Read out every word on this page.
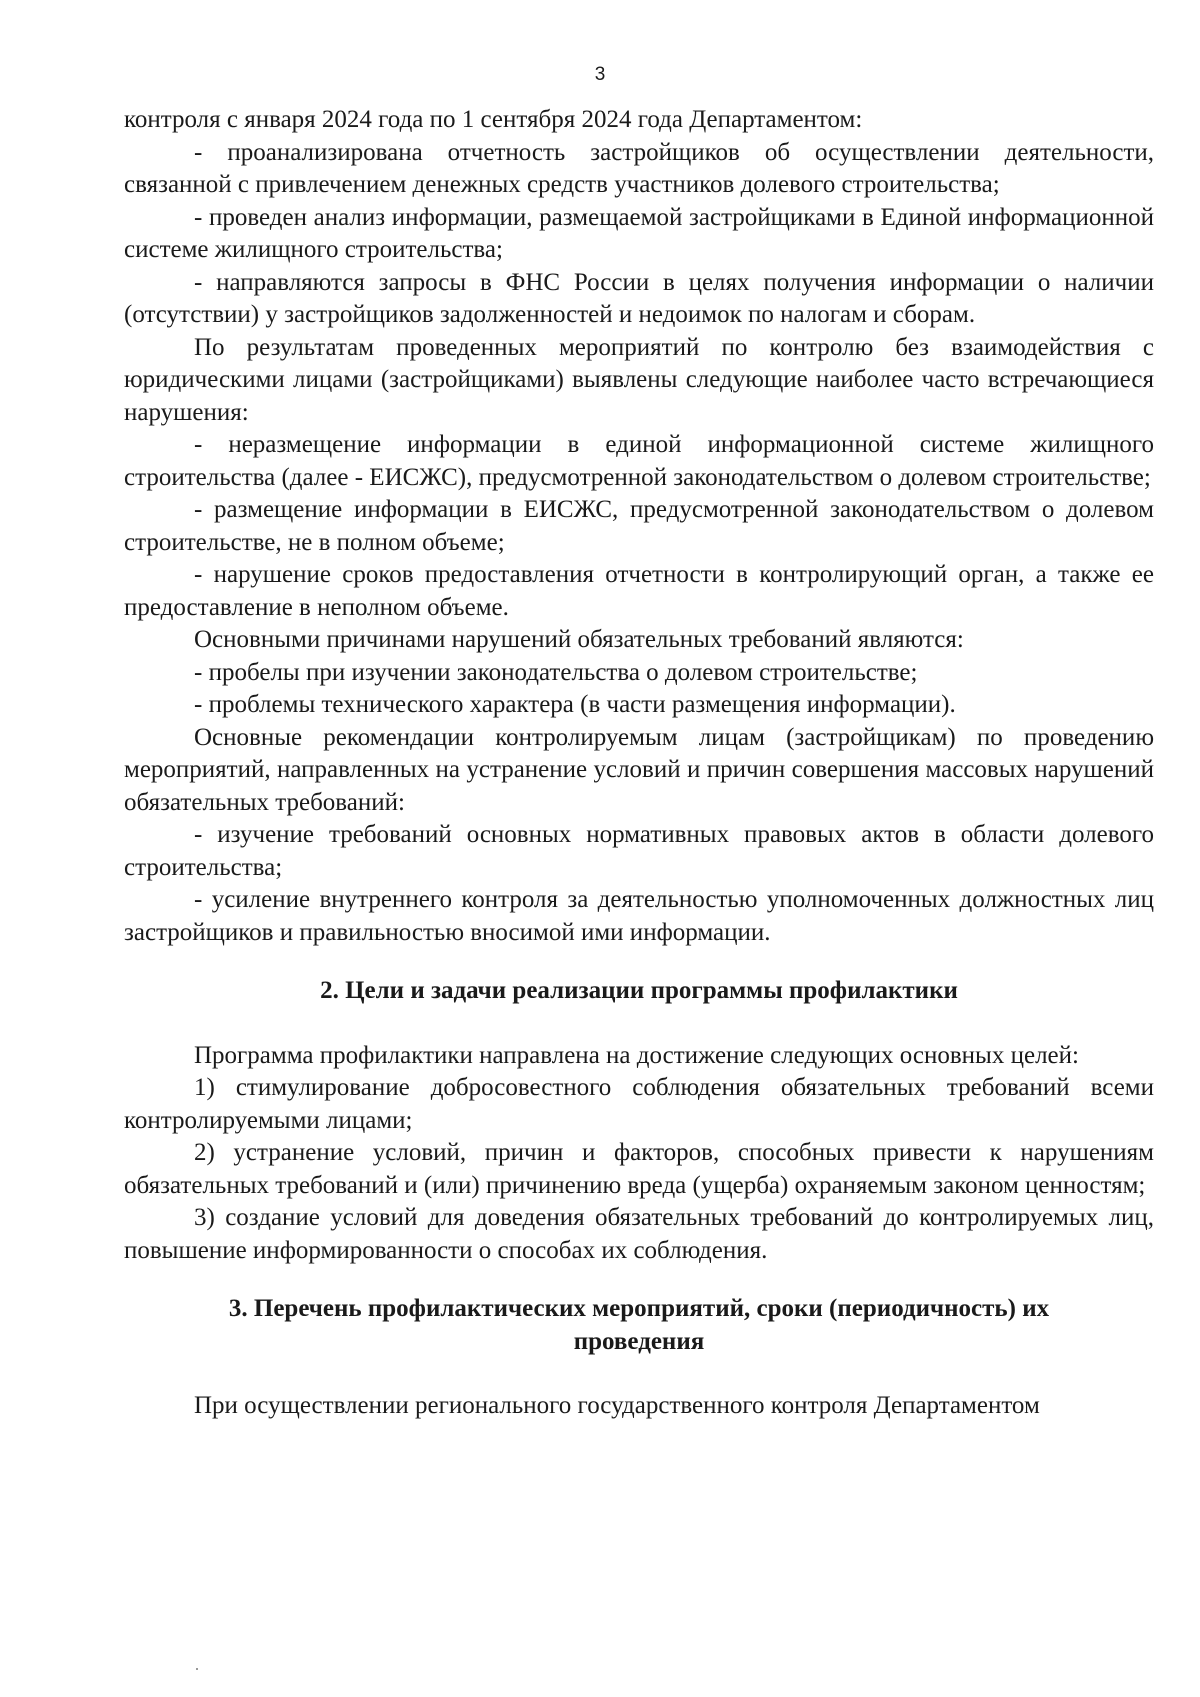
3

контроля с января 2024 года по 1 сентября 2024 года Департаментом:

- проанализирована отчетность застройщиков об осуществлении деятельности, связанной с привлечением денежных средств участников долевого строительства;

- проведен анализ информации, размещаемой застройщиками в Единой информационной системе жилищного строительства;

- направляются запросы в ФНС России в целях получения информации о наличии (отсутствии) у застройщиков задолженностей и недоимок по налогам и сборам.

По результатам проведенных мероприятий по контролю без взаимодействия с юридическими лицами (застройщиками) выявлены следующие наиболее часто встречающиеся нарушения:

- неразмещение информации в единой информационной системе жилищного строительства (далее - ЕИСЖС), предусмотренной законодательством о долевом строительстве;

- размещение информации в ЕИСЖС, предусмотренной законодательством о долевом строительстве, не в полном объеме;

- нарушение сроков предоставления отчетности в контролирующий орган, а также ее предоставление в неполном объеме.

Основными причинами нарушений обязательных требований являются:

- пробелы при изучении законодательства о долевом строительстве;

- проблемы технического характера (в части размещения информации).

Основные рекомендации контролируемым лицам (застройщикам) по проведению мероприятий, направленных на устранение условий и причин совершения массовых нарушений обязательных требований:

- изучение требований основных нормативных правовых актов в области долевого строительства;

- усиление внутреннего контроля за деятельностью уполномоченных должностных лиц застройщиков и правильностью вносимой ими информации.

2. Цели и задачи реализации программы профилактики

Программа профилактики направлена на достижение следующих основных целей:

1) стимулирование добросовестного соблюдения обязательных требований всеми контролируемыми лицами;

2) устранение условий, причин и факторов, способных привести к нарушениям обязательных требований и (или) причинению вреда (ущерба) охраняемым законом ценностям;

3) создание условий для доведения обязательных требований до контролируемых лиц, повышение информированности о способах их соблюдения.

3. Перечень профилактических мероприятий, сроки (периодичность) их
проведения

При осуществлении регионального государственного контроля Департаментом
